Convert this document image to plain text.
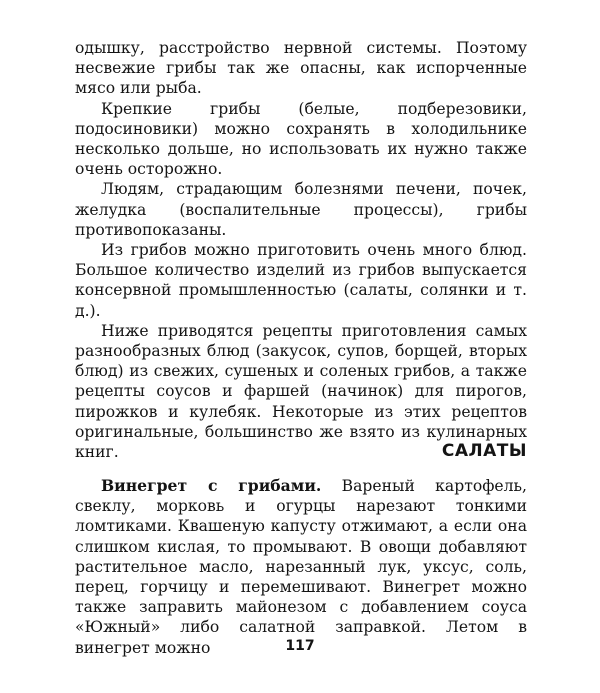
одышку, расстройство нервной системы. Поэтому несвежие грибы так же опасны, как испорченные мясо или рыба.

Крепкие грибы (белые, подберезовики, подосиновики) можно сохранять в холодильнике несколько дольше, но использовать их нужно также очень осторожно.

Людям, страдающим болезнями печени, почек, желудка (воспалительные процессы), грибы противопоказаны.

Из грибов можно приготовить очень много блюд. Большое количество изделий из грибов выпускается консервной промышленностью (салаты, солянки и т. д.).

Ниже приводятся рецепты приготовления самых разнообразных блюд (закусок, супов, борщей, вторых блюд) из свежих, сушеных и соленых грибов, а также рецепты соусов и фаршей (начинок) для пирогов, пирожков и кулебяк. Некоторые из этих рецептов оригинальные, большинство же взято из кулинарных книг.	САЛАТЫ

Винегрет с грибами. Вареный картофель, свеклу, морковь и огурцы нарезают тонкими ломтиками. Квашеную капусту отжимают, а если она слишком кислая, то промывают. В овощи добавляют растительное масло, нарезанный лук, уксус, соль, перец, горчицу и перемешивают. Винегрет можно также заправить майонезом с добавлением соуса «Южный» либо салатной заправкой. Летом в винегрет можно	117
